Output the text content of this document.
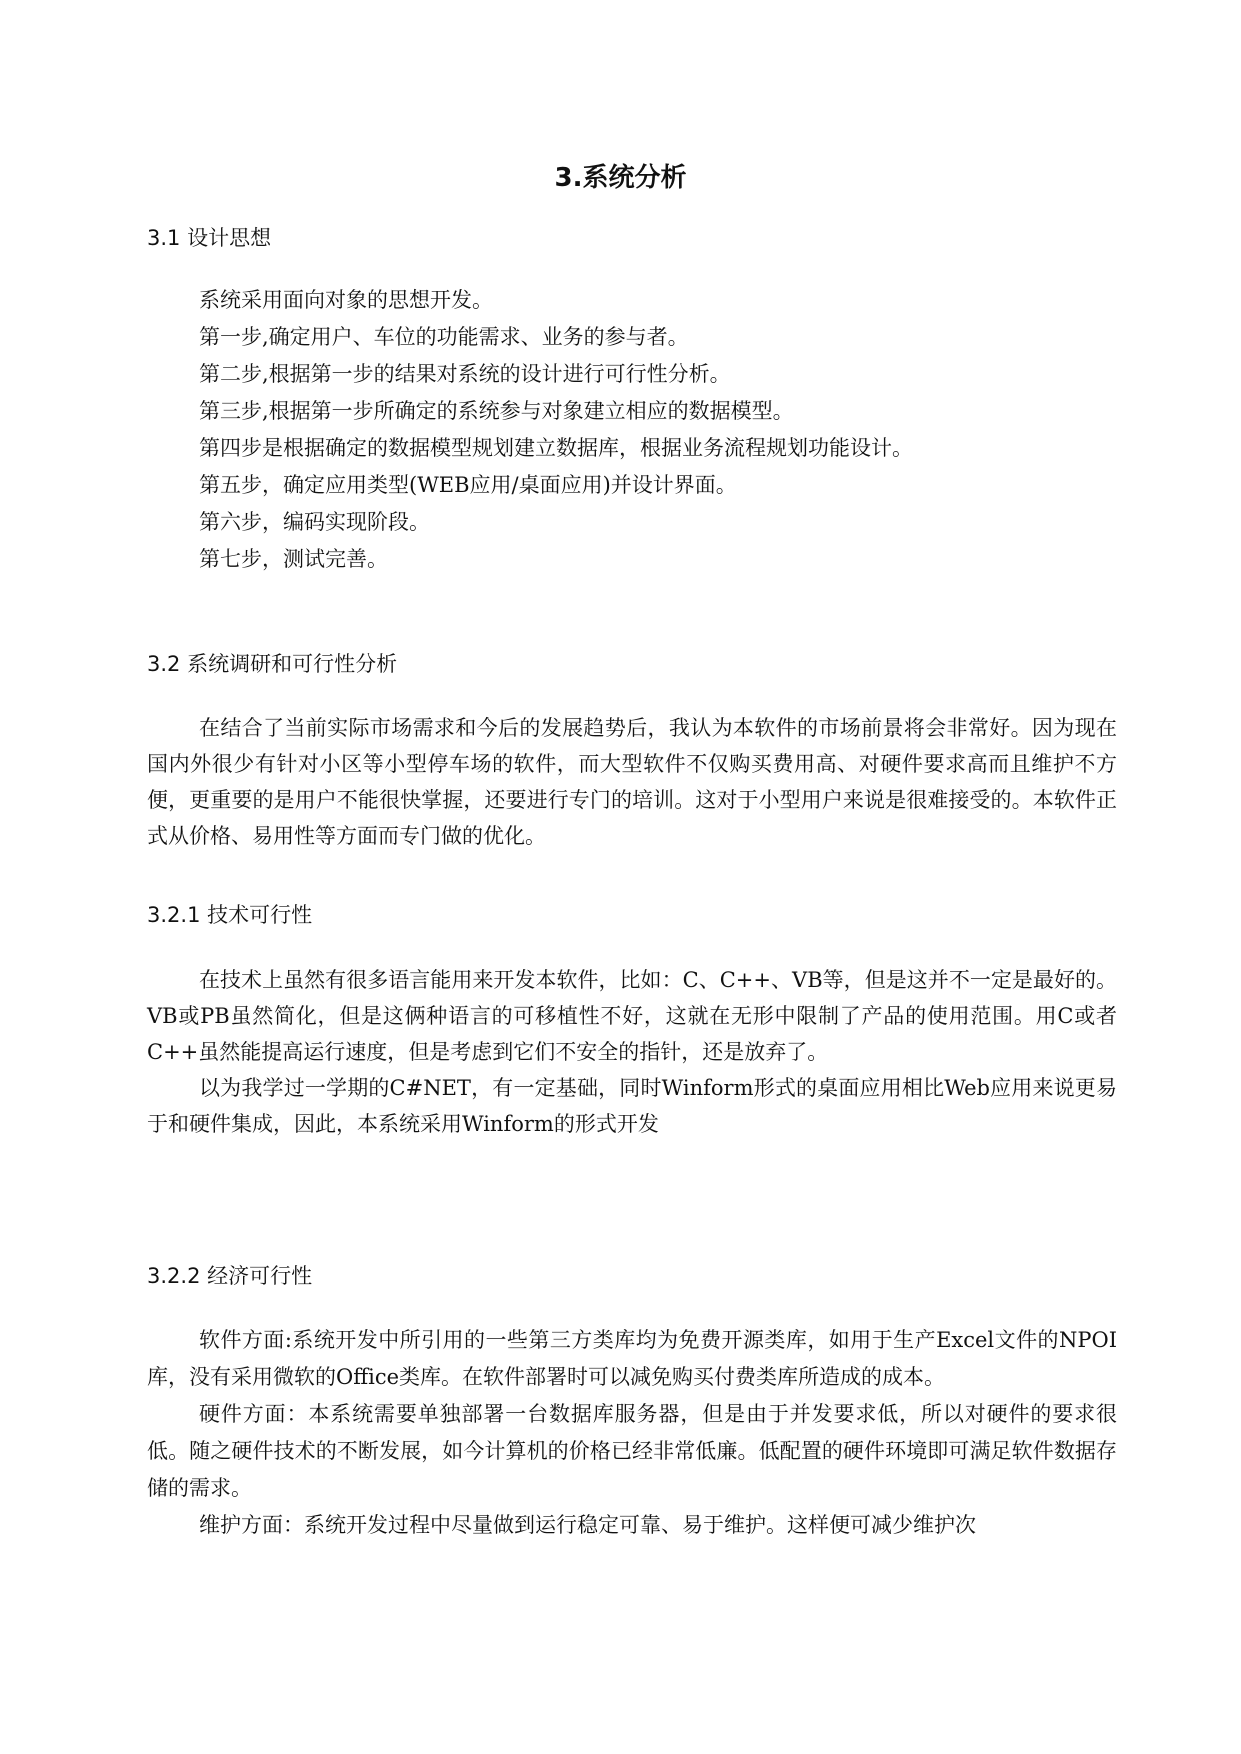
3.系统分析
3.1 设计思想

系统采用面向对象的思想开发。

第一步,确定用户、车位的功能需求、业务的参与者。

第二步,根据第一步的结果对系统的设计进行可行性分析。

第三步,根据第一步所确定的系统参与对象建立相应的数据模型。

第四步是根据确定的数据模型规划建立数据库，根据业务流程规划功能设计。

第五步，确定应用类型(WEB应用/桌面应用)并设计界面。

第六步，编码实现阶段。

第七步，测试完善。

3.2 系统调研和可行性分析

在结合了当前实际市场需求和今后的发展趋势后，我认为本软件的市场前景将会非常好。因为现在国内外很少有针对小区等小型停车场的软件，而大型软件不仅购买费用高、对硬件要求高而且维护不方便，更重要的是用户不能很快掌握，还要进行专门的培训。这对于小型用户来说是很难接受的。本软件正式从价格、易用性等方面而专门做的优化。

3.2.1 技术可行性

在技术上虽然有很多语言能用来开发本软件，比如：C、C++、VB等，但是这并不一定是最好的。VB或PB虽然简化，但是这俩种语言的可移植性不好，这就在无形中限制了产品的使用范围。用C或者C++虽然能提高运行速度，但是考虑到它们不安全的指针，还是放弃了。

以为我学过一学期的C#NET，有一定基础，同时Winform形式的桌面应用相比Web应用来说更易于和硬件集成，因此，本系统采用Winform的形式开发

3.2.2 经济可行性

软件方面:系统开发中所引用的一些第三方类库均为免费开源类库，如用于生产Excel文件的NPOI库，没有采用微软的Office类库。在软件部署时可以减免购买付费类库所造成的成本。

硬件方面：本系统需要单独部署一台数据库服务器，但是由于并发要求低，所以对硬件的要求很低。随之硬件技术的不断发展，如今计算机的价格已经非常低廉。低配置的硬件环境即可满足软件数据存储的需求。

维护方面：系统开发过程中尽量做到运行稳定可靠、易于维护。这样便可减少维护次
